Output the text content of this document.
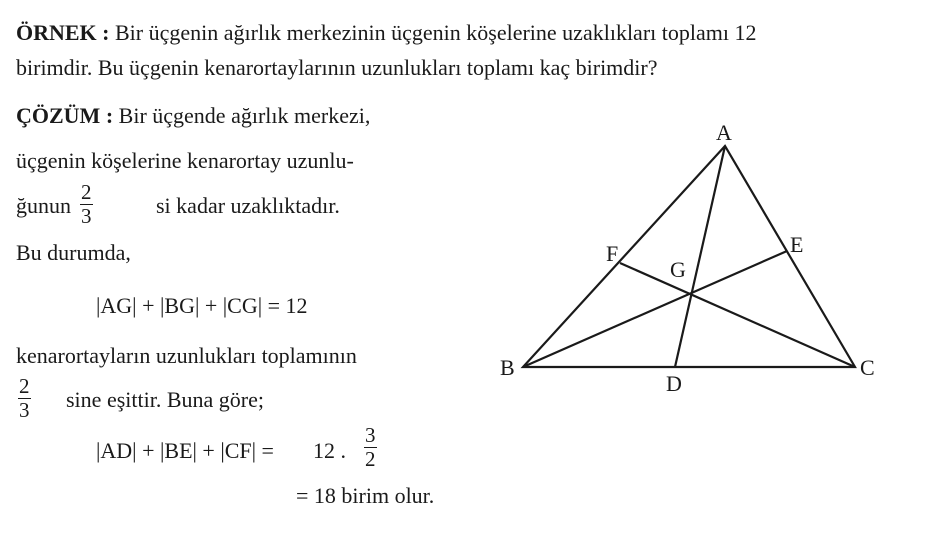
ÖRNEK : Bir üçgenin ağırlık merkezinin üçgenin köşelerine uzaklıkları toplamı 12
birimdir. Bu üçgenin kenarortaylarının uzunlukları toplamı kaç birimdir?
ÇÖZÜM : Bir üçgende ağırlık merkezi,
üçgenin köşelerine kenarortay uzunlu-
ğunun $\frac{2}{3}$	si kadar uzaklıktadır.
Bu durumda,
|AG| + |BG| + |CG| = 12
kenarortayların uzunlukları toplamının
$\frac{2}{3}$ sine eşittir. Buna göre;
|AD| + |BE| + |CF| = 12 . $\frac{3}{2}$
= 18 birim olur.
A
B	C
D
E
F
G
